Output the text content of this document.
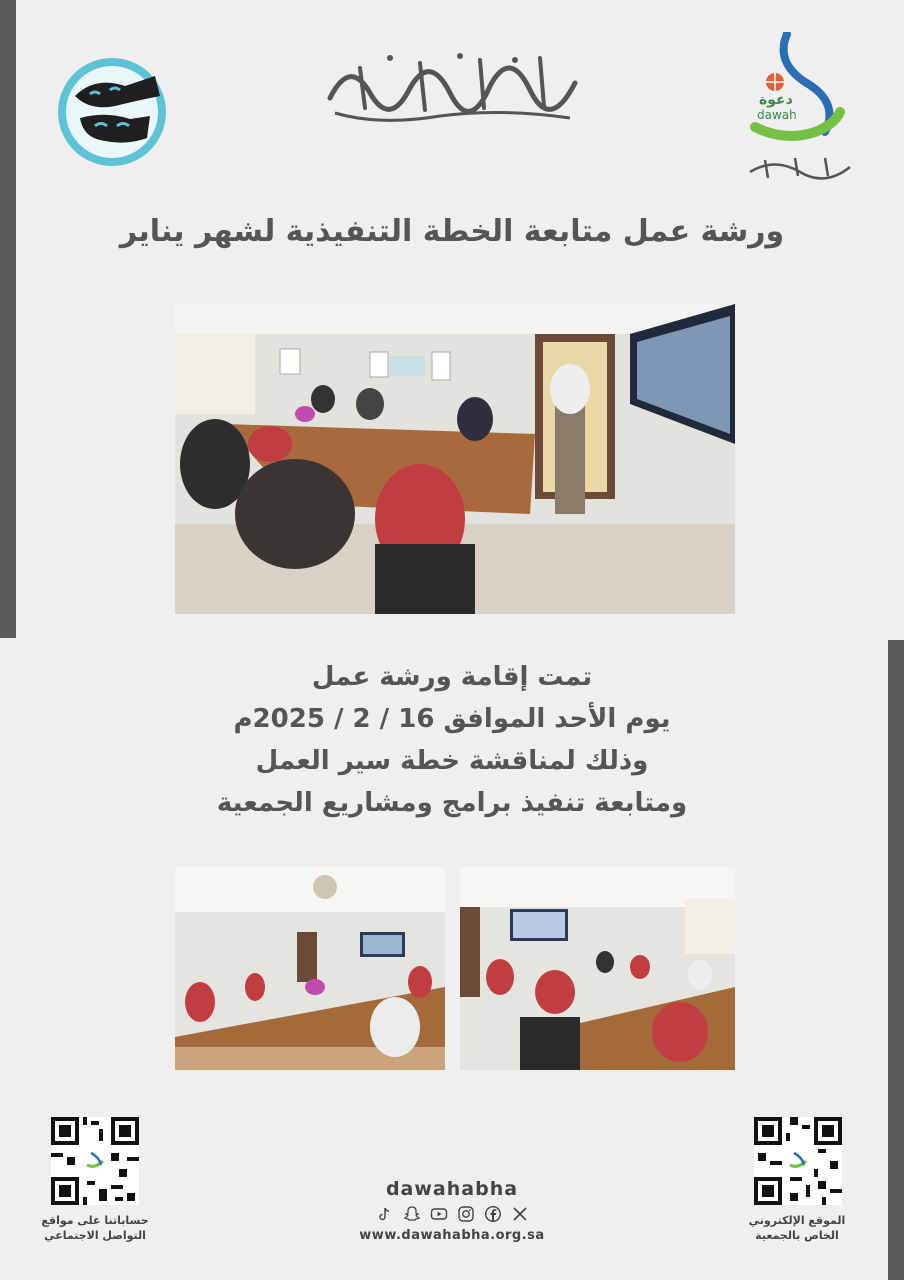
دعوة
dawah
ورشة عمل متابعة الخطة التنفيذية لشهر يناير
تمت إقامة ورشة عمل
يوم الأحد الموافق 16 / 2 / 2025م
وذلك لمناقشة خطة سير العمل
ومتابعة تنفيذ برامج ومشاريع الجمعية
حساباتنا على مواقع التواصل الاجتماعي
الموقع الإلكتروني الخاص بالجمعية
dawahabha
www.dawahabha.org.sa
